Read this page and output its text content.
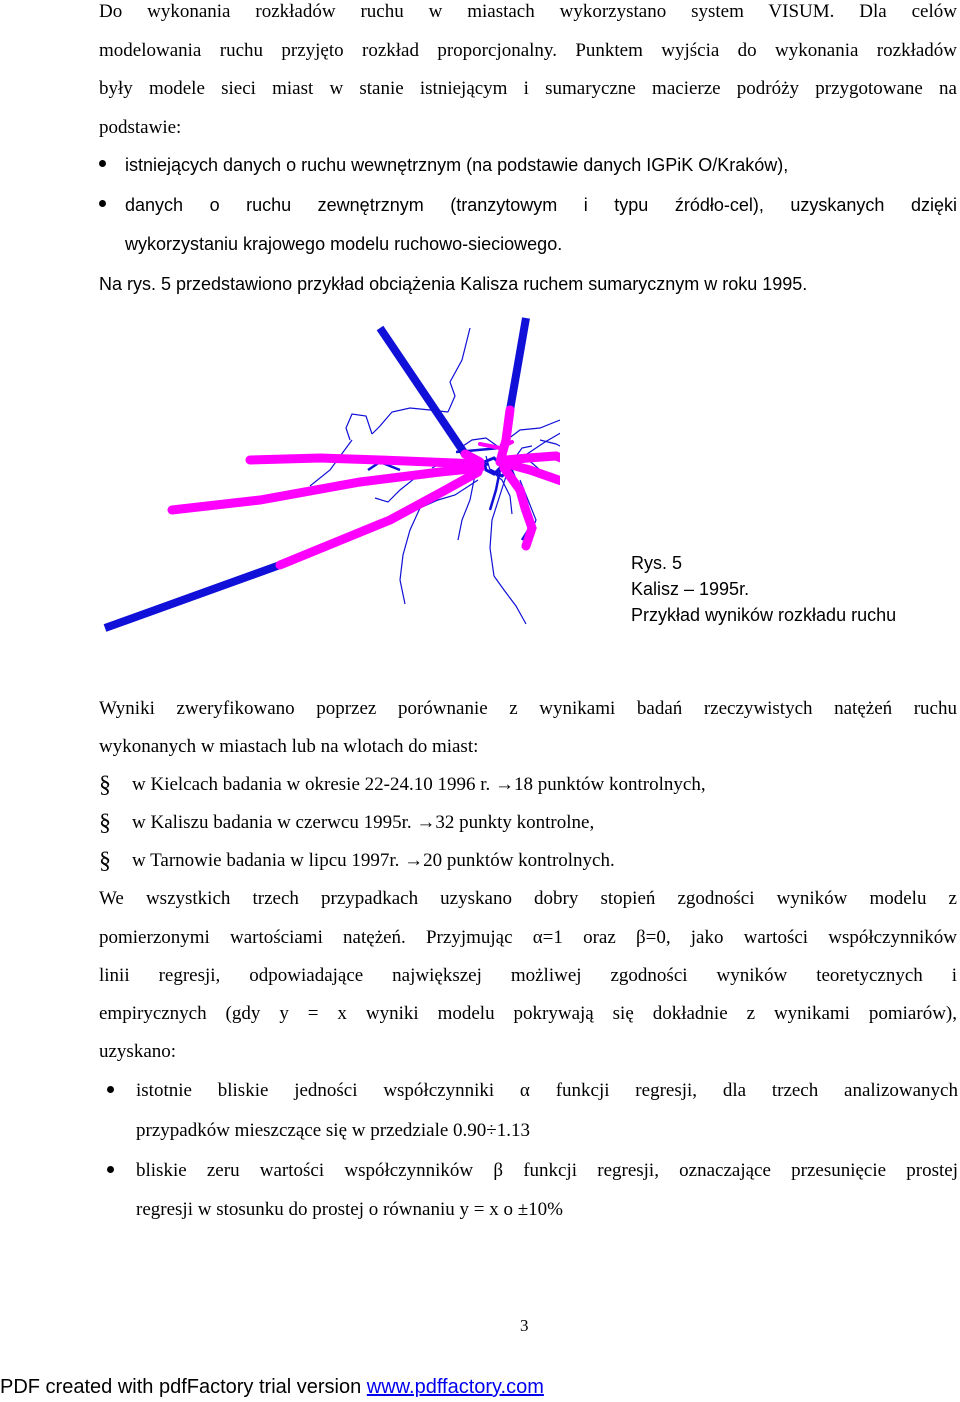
Do wykonania rozkładów ruchu w miastach wykorzystano system VISUM. Dla celów
modelowania ruchu przyjęto rozkład proporcjonalny. Punktem wyjścia do wykonania rozkładów
były modele sieci miast w stanie istniejącym i sumaryczne macierze podróży przygotowane na
podstawie:
istniejących danych o ruchu wewnętrznym (na podstawie danych IGPiK O/Kraków),
danych o ruchu zewnętrznym (tranzytowym i typu źródło-cel), uzyskanych dzięki
wykorzystaniu krajowego modelu ruchowo-sieciowego.
Na rys. 5 przedstawiono przykład obciążenia Kalisza ruchem sumarycznym w roku 1995.
Rys. 5
Kalisz – 1995r.
Przykład wyników rozkładu ruchu
Wyniki zweryfikowano poprzez porównanie z wynikami badań rzeczywistych natężeń ruchu
wykonanych w miastach lub na wlotach do miast:
§ w Kielcach badania w okresie 22-24.10 1996 r. →18 punktów kontrolnych,
§ w Kaliszu badania w czerwcu 1995r. →32 punkty kontrolne,
§ w Tarnowie badania w lipcu 1997r. →20 punktów kontrolnych.
We wszystkich trzech przypadkach uzyskano dobry stopień zgodności wyników modelu z
pomierzonymi wartościami natężeń. Przyjmując α=1 oraz β=0, jako wartości współczynników
linii regresji, odpowiadające największej możliwej zgodności wyników teoretycznych i
empirycznych (gdy y = x wyniki modelu pokrywają się dokładnie z wynikami pomiarów),
uzyskano:
istotnie bliskie jedności współczynniki α funkcji regresji, dla trzech analizowanych
przypadków mieszczące się w przedziale 0.90÷1.13
bliskie zeru wartości współczynników β funkcji regresji, oznaczające przesunięcie prostej
regresji w stosunku do prostej o równaniu y = x o ±10%
3
PDF created with pdfFactory trial version www.pdffactory.com
